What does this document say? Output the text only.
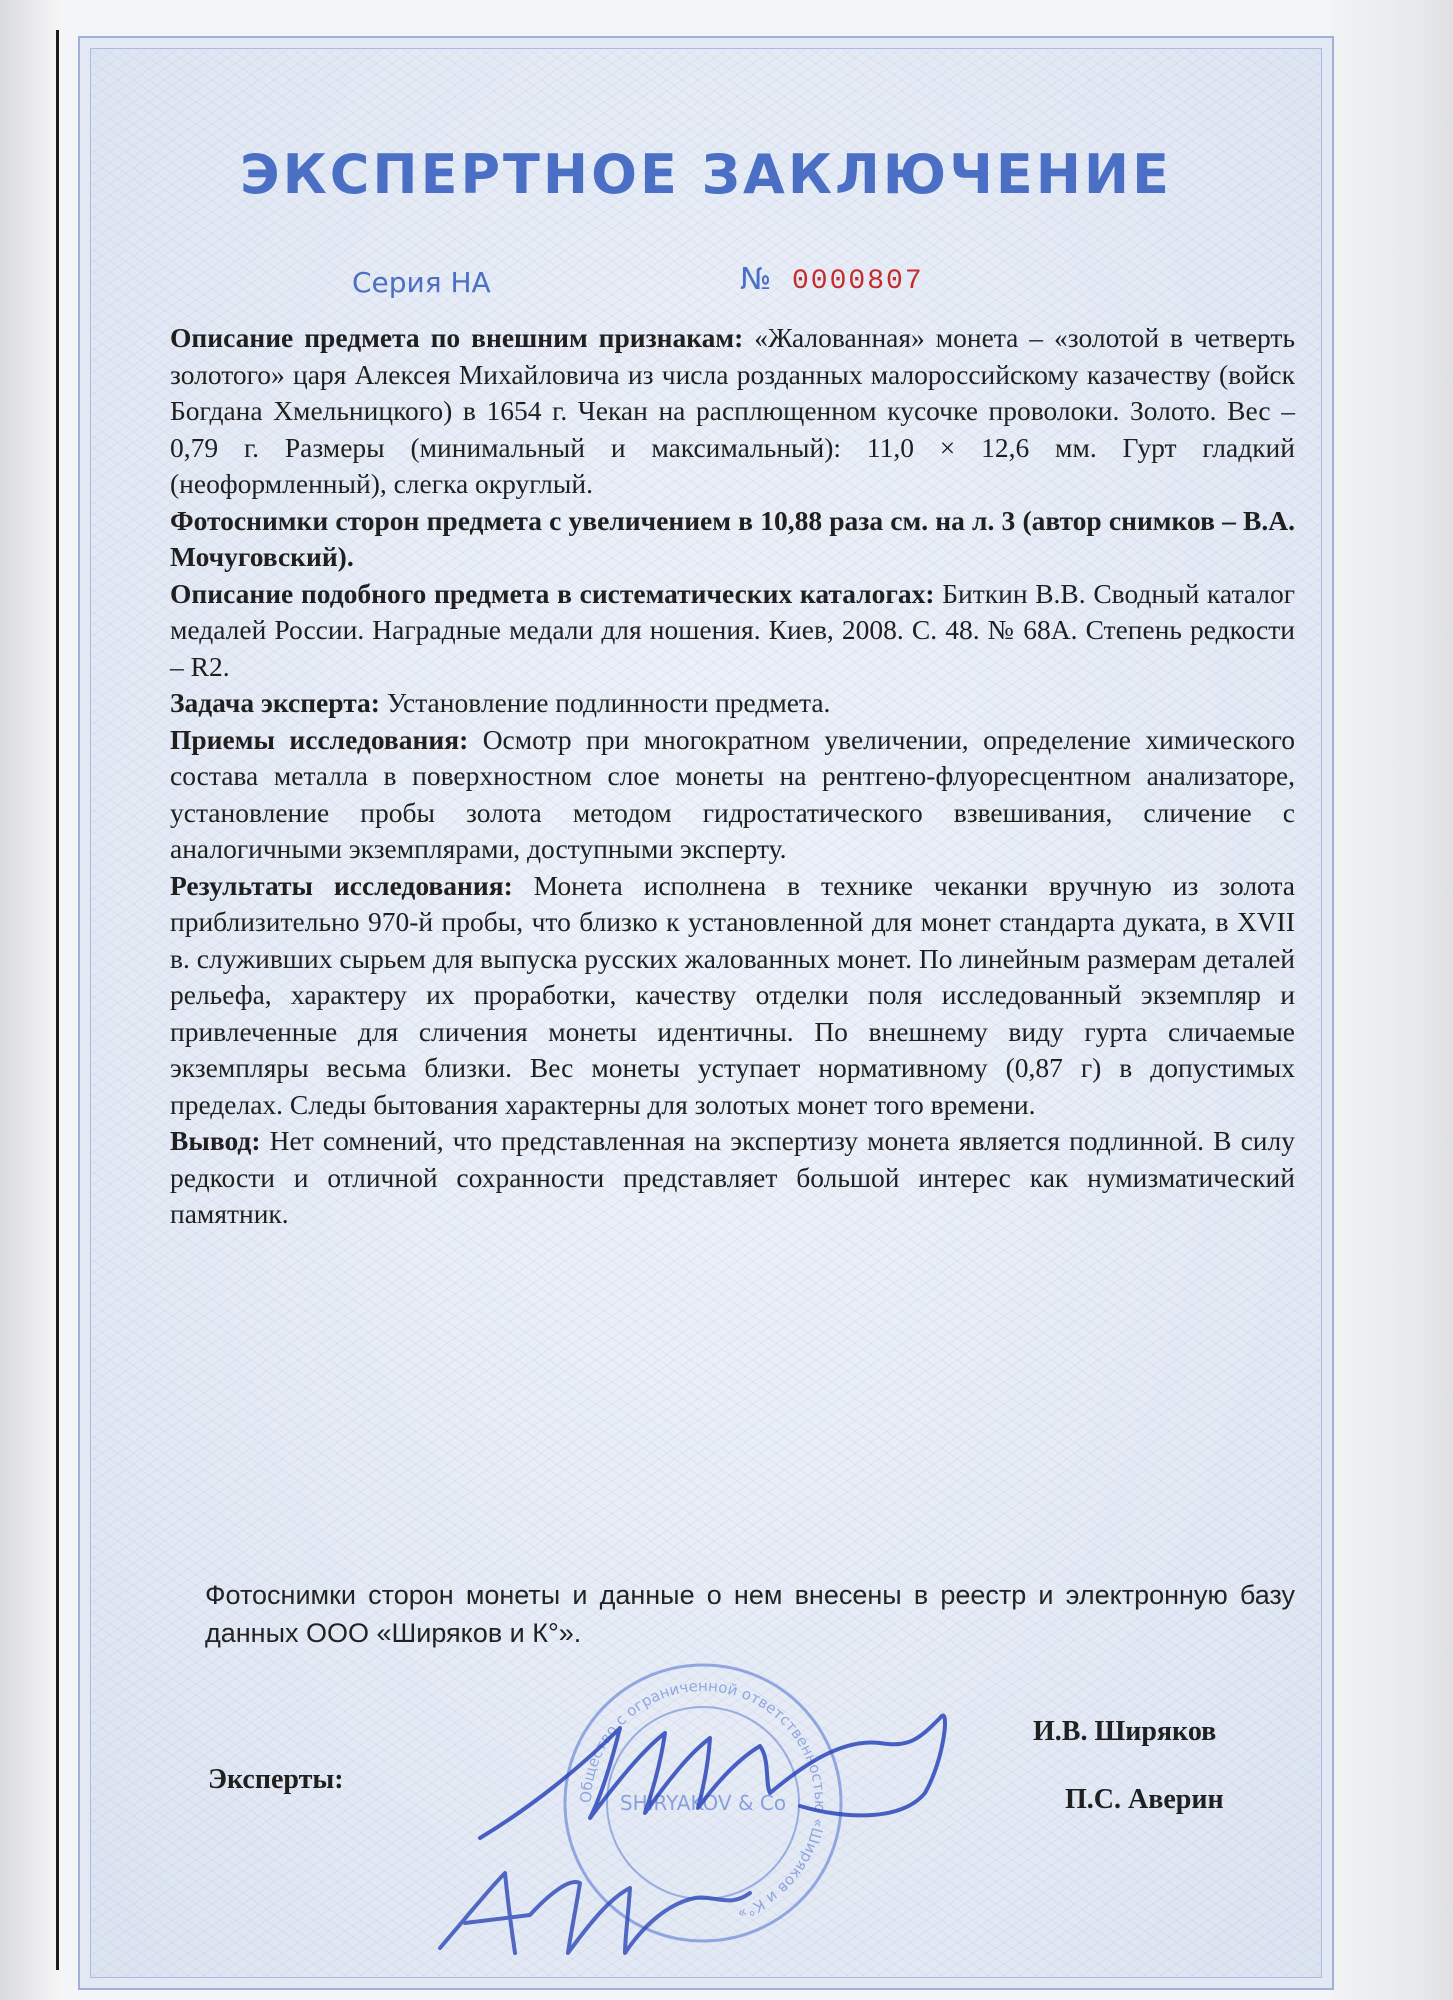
ЭКСПЕРТНОЕ ЗАКЛЮЧЕНИЕ
Серия НА	№ 0000807

Описание предмета по внешним признакам: «Жалованная» монета – «золотой в четверть золотого» царя Алексея Михайловича из числа розданных малороссийскому казачеству (войск Богдана Хмельницкого) в 1654 г. Чекан на расплющенном кусочке проволоки. Золото. Вес – 0,79 г. Размеры (минимальный и максимальный): 11,0 × 12,6 мм. Гурт гладкий (неоформленный), слегка округлый.

Фотоснимки сторон предмета с увеличением в 10,88 раза см. на л. 3 (автор снимков – В.А. Мочуговский).

Описание подобного предмета в систематических каталогах: Биткин В.В. Сводный каталог медалей России. Наградные медали для ношения. Киев, 2008. С. 48. № 68А. Степень редкости – R2.

Задача эксперта: Установление подлинности предмета.

Приемы исследования: Осмотр при многократном увеличении, определение химического состава металла в поверхностном слое монеты на рентгено-флуоресцентном анализаторе, установление пробы золота методом гидростатического взвешивания, сличение с аналогичными экземплярами, доступными эксперту.

Результаты исследования: Монета исполнена в технике чеканки вручную из золота приблизительно 970-й пробы, что близко к установленной для монет стандарта дуката, в XVII в. служивших сырьем для выпуска русских жалованных монет. По линейным размерам деталей рельефа, характеру их проработки, качеству отделки поля исследованный экземпляр и привлеченные для сличения монеты идентичны. По внешнему виду гурта сличаемые экземпляры весьма близки. Вес монеты уступает нормативному (0,87 г) в допустимых пределах. Следы бытования характерны для золотых монет того времени.

Вывод: Нет сомнений, что представленная на экспертизу монета является подлинной. В силу редкости и отличной сохранности представляет большой интерес как нумизматический памятник.

Фотоснимки сторон монеты и данные о нем внесены в реестр и электронную базу данных ООО «Ширяков и К°».
Общество с ограниченной ответственностью «Ширяков и К°»
SHIRYAKOV & Co
Эксперты:
И.В. Ширяков
П.С. Аверин
